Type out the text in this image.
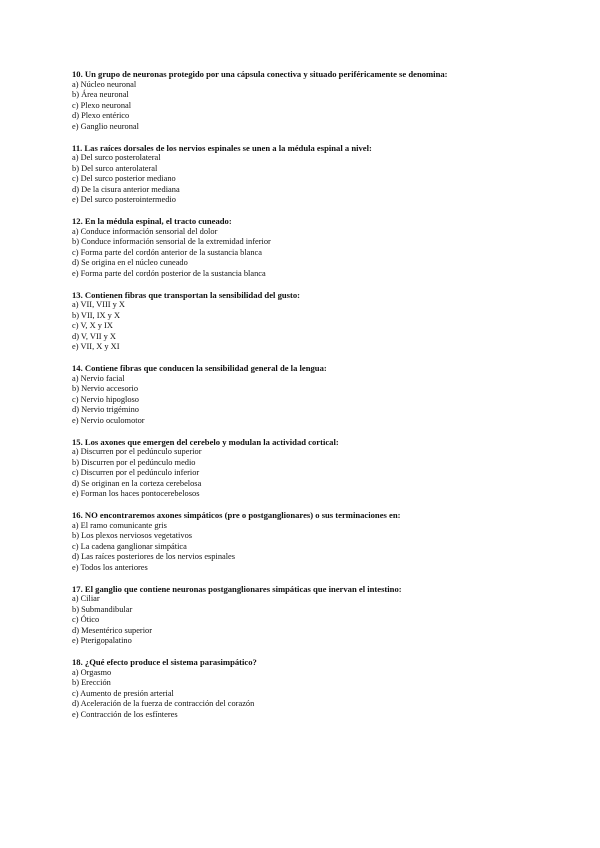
10. Un grupo de neuronas protegido por una cápsula conectiva y situado periféricamente se denomina:
a) Núcleo neuronal
b) Área neuronal
c) Plexo neuronal
d) Plexo entérico
e) Ganglio neuronal
11. Las raíces dorsales de los nervios espinales se unen a la médula espinal a nivel:
a) Del surco posterolateral
b) Del surco anterolateral
c) Del surco posterior mediano
d) De la cisura anterior mediana
e) Del surco posterointermedio
12. En la médula espinal, el tracto cuneado:
a) Conduce información sensorial del dolor
b) Conduce información sensorial de la extremidad inferior
c) Forma parte del cordón anterior de la sustancia blanca
d) Se origina en el núcleo cuneado
e) Forma parte del cordón posterior de la sustancia blanca
13. Contienen fibras que transportan la sensibilidad del gusto:
a) VII, VIII y X
b) VII, IX y X
c) V, X y IX
d) V, VII y X
e) VII, X y XI
14. Contiene fibras que conducen la sensibilidad general de la lengua:
a) Nervio facial
b) Nervio accesorio
c) Nervio hipogloso
d) Nervio trigémino
e) Nervio oculomotor
15. Los axones que emergen del cerebelo y modulan la actividad cortical:
a) Discurren por el pedúnculo superior
b) Discurren por el pedúnculo medio
c) Discurren por el pedúnculo inferior
d) Se originan en la corteza cerebelosa
e) Forman los haces pontocerebelosos
16. NO encontraremos axones simpáticos (pre o postganglionares) o sus terminaciones en:
a) El ramo comunicante gris
b) Los plexos nerviosos vegetativos
c) La cadena ganglionar simpática
d) Las raíces posteriores de los nervios espinales
e) Todos los anteriores
17. El ganglio que contiene neuronas postganglionares simpáticas que inervan el intestino:
a) Ciliar
b) Submandibular
c) Ótico
d) Mesentérico superior
e) Pterigopalatino
18. ¿Qué efecto produce el sistema parasimpático?
a) Orgasmo
b) Erección
c) Aumento de presión arterial
d) Aceleración de la fuerza de contracción del corazón
e) Contracción de los esfínteres
